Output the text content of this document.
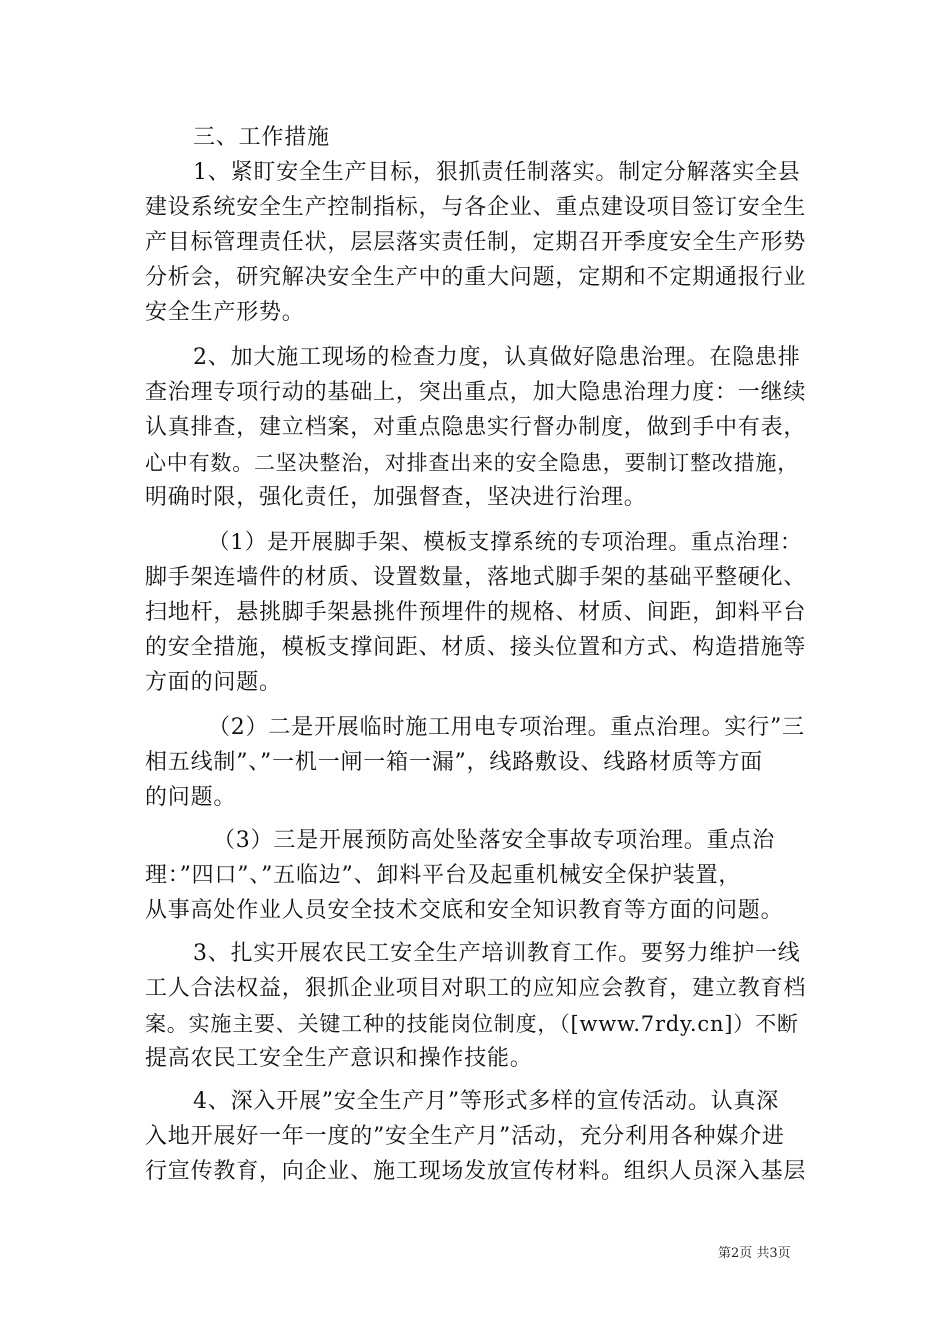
三、工作措施
1、紧盯安全生产目标，狠抓责任制落实。制定分解落实全县
建设系统安全生产控制指标，与各企业、重点建设项目签订安全生
产目标管理责任状，层层落实责任制，定期召开季度安全生产形势
分析会，研究解决安全生产中的重大问题，定期和不定期通报行业
安全生产形势。
2、加大施工现场的检查力度，认真做好隐患治理。在隐患排
查治理专项行动的基础上，突出重点，加大隐患治理力度：一继续
认真排查，建立档案，对重点隐患实行督办制度，做到手中有表，
心中有数。二坚决整治，对排查出来的安全隐患，要制订整改措施，
明确时限，强化责任，加强督查，坚决进行治理。
（1）是开展脚手架、模板支撑系统的专项治理。重点治理：
脚手架连墙件的材质、设置数量，落地式脚手架的基础平整硬化、
扫地杆，悬挑脚手架悬挑件预埋件的规格、材质、间距，卸料平台
的安全措施，模板支撑间距、材质、接头位置和方式、构造措施等
方面的问题。
（2）二是开展临时施工用电专项治理。重点治理。实行”三
相五线制”、”一机一闸一箱一漏”，线路敷设、线路材质等方面
的问题。
（3）三是开展预防高处坠落安全事故专项治理。重点治
理：”四口”、”五临边”、卸料平台及起重机械安全保护装置，
从事高处作业人员安全技术交底和安全知识教育等方面的问题。
3、扎实开展农民工安全生产培训教育工作。要努力维护一线
工人合法权益，狠抓企业项目对职工的应知应会教育，建立教育档
案。实施主要、关键工种的技能岗位制度，（[www.7rdy.cn]）不断
提高农民工安全生产意识和操作技能。
4、深入开展”安全生产月”等形式多样的宣传活动。认真深
入地开展好一年一度的”安全生产月”活动，充分利用各种媒介进
行宣传教育，向企业、施工现场发放宣传材料。组织人员深入基层
第2页 共3页
